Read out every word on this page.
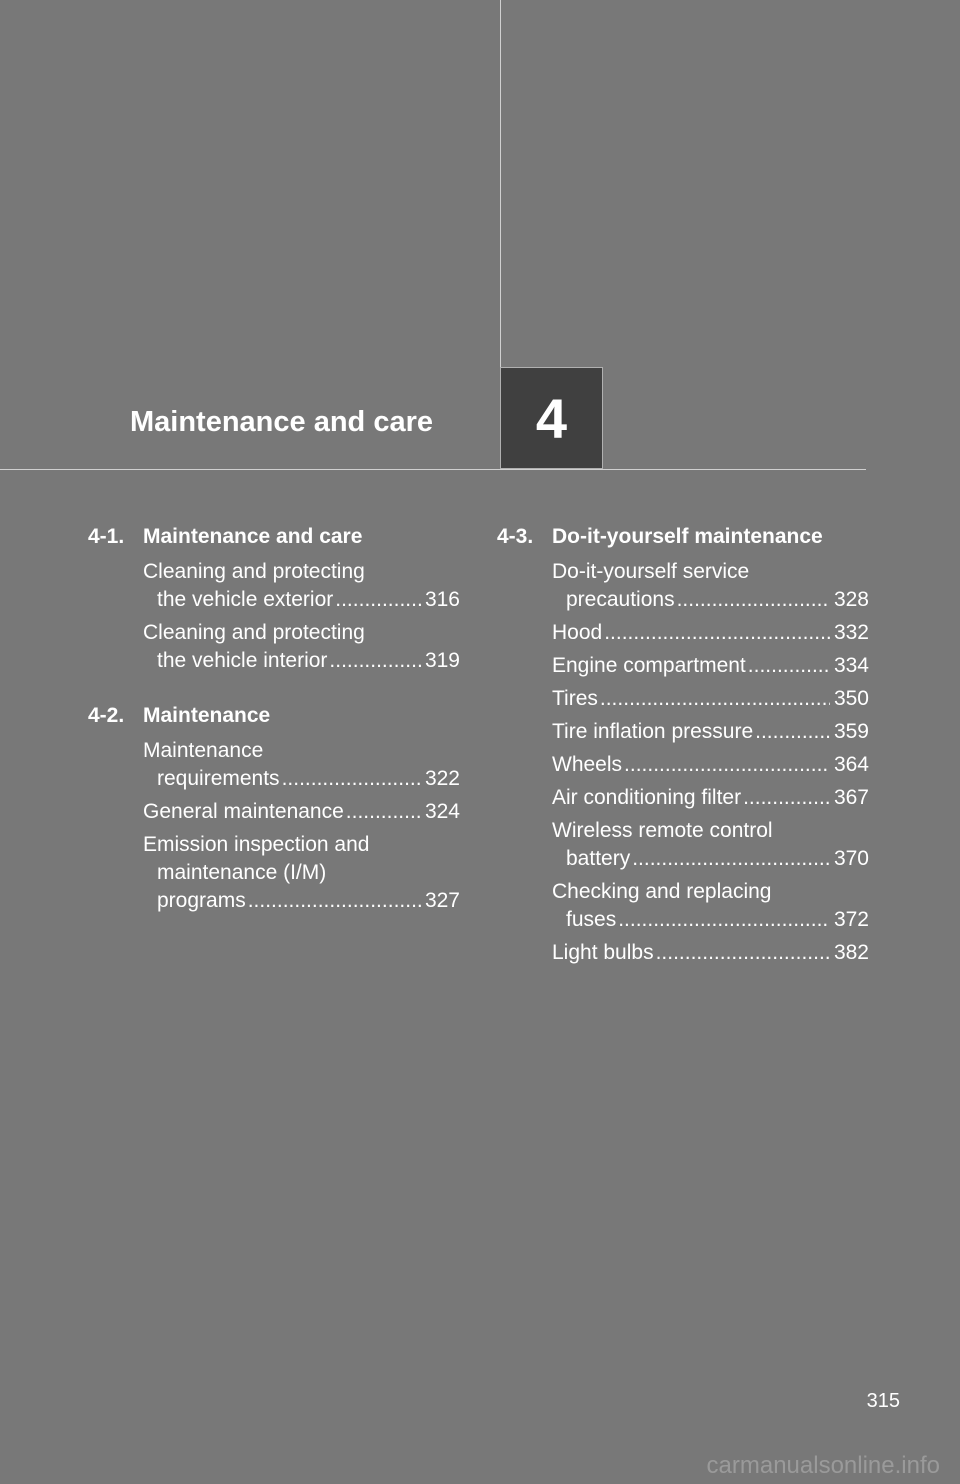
Maintenance and care 4
4-1. Maintenance and care
Cleaning and protecting
the vehicle exterior .....	316
Cleaning and protecting
the vehicle interior .....	319
4-2. Maintenance
Maintenance
requirements .....	322
General maintenance .....	324
Emission inspection and
maintenance (I/M)
programs .....	327
4-3. Do-it-yourself maintenance
Do-it-yourself service
precautions .....	328
Hood .....	332
Engine compartment .....	334
Tires .....	350
Tire inflation pressure .....	359
Wheels .....	364
Air conditioning filter .....	367
Wireless remote control
battery .....	370
Checking and replacing
fuses .....	372
Light bulbs .....	382
315
carmanualsonline.info
